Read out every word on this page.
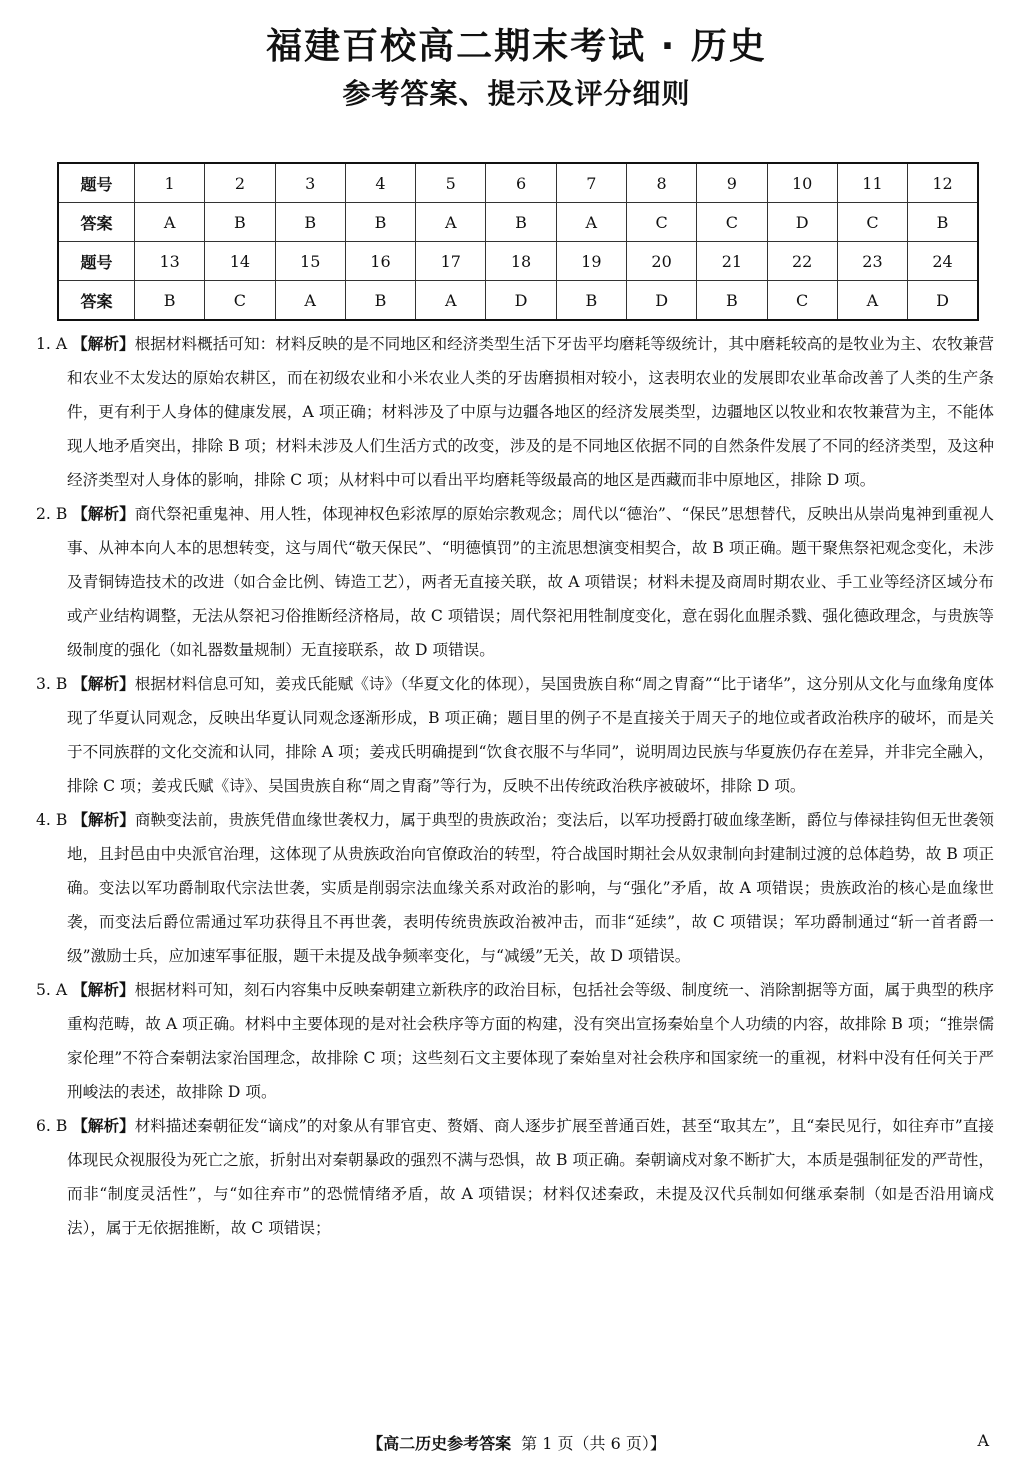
福建百校高二期末考试 · 历史
参考答案、提示及评分细则
题号	1	2	3	4	5	6	7	8	9	10	11	12
答案	A	B	B	B	A	B	A	C	C	D	C	B
题号	13	14	15	16	17	18	19	20	21	22	23	24
答案	B	C	A	B	A	D	B	D	B	C	A	D

1. A 【解析】根据材料概括可知：材料反映的是不同地区和经济类型生活下牙齿平均磨耗等级统计，其中磨耗较高的是牧业为主、农牧兼营和农业不太发达的原始农耕区，而在初级农业和小米农业人类的牙齿磨损相对较小，这表明农业的发展即农业革命改善了人类的生产条件，更有利于人身体的健康发展，A 项正确；材料涉及了中原与边疆各地区的经济发展类型，边疆地区以牧业和农牧兼营为主，不能体现人地矛盾突出，排除 B 项；材料未涉及人们生活方式的改变，涉及的是不同地区依据不同的自然条件发展了不同的经济类型，及这种经济类型对人身体的影响，排除 C 项；从材料中可以看出平均磨耗等级最高的地区是西藏而非中原地区，排除 D 项。

2. B 【解析】商代祭祀重鬼神、用人牲，体现神权色彩浓厚的原始宗教观念；周代以“德治”、“保民”思想替代，反映出从崇尚鬼神到重视人事、从神本向人本的思想转变，这与周代“敬天保民”、“明德慎罚”的主流思想演变相契合，故 B 项正确。题干聚焦祭祀观念变化，未涉及青铜铸造技术的改进（如合金比例、铸造工艺），两者无直接关联，故 A 项错误；材料未提及商周时期农业、手工业等经济区域分布或产业结构调整，无法从祭祀习俗推断经济格局，故 C 项错误；周代祭祀用牲制度变化，意在弱化血腥杀戮、强化德政理念，与贵族等级制度的强化（如礼器数量规制）无直接联系，故 D 项错误。

3. B 【解析】根据材料信息可知，姜戎氏能赋《诗》（华夏文化的体现），吴国贵族自称“周之胄裔”“比于诸华”，这分别从文化与血缘角度体现了华夏认同观念，反映出华夏认同观念逐渐形成，B 项正确；题目里的例子不是直接关于周天子的地位或者政治秩序的破坏，而是关于不同族群的文化交流和认同，排除 A 项；姜戎氏明确提到“饮食衣服不与华同”，说明周边民族与华夏族仍存在差异，并非完全融入，排除 C 项；姜戎氏赋《诗》、吴国贵族自称“周之胄裔”等行为，反映不出传统政治秩序被破坏，排除 D 项。

4. B 【解析】商鞅变法前，贵族凭借血缘世袭权力，属于典型的贵族政治；变法后，以军功授爵打破血缘垄断，爵位与俸禄挂钩但无世袭领地，且封邑由中央派官治理，这体现了从贵族政治向官僚政治的转型，符合战国时期社会从奴隶制向封建制过渡的总体趋势，故 B 项正确。变法以军功爵制取代宗法世袭，实质是削弱宗法血缘关系对政治的影响，与“强化”矛盾，故 A 项错误；贵族政治的核心是血缘世袭，而变法后爵位需通过军功获得且不再世袭，表明传统贵族政治被冲击，而非“延续”，故 C 项错误；军功爵制通过“斩一首者爵一级”激励士兵，应加速军事征服，题干未提及战争频率变化，与“减缓”无关，故 D 项错误。

5. A 【解析】根据材料可知，刻石内容集中反映秦朝建立新秩序的政治目标，包括社会等级、制度统一、消除割据等方面，属于典型的秩序重构范畴，故 A 项正确。材料中主要体现的是对社会秩序等方面的构建，没有突出宣扬秦始皇个人功绩的内容，故排除 B 项；“推崇儒家伦理”不符合秦朝法家治国理念，故排除 C 项；这些刻石文主要体现了秦始皇对社会秩序和国家统一的重视，材料中没有任何关于严刑峻法的表述，故排除 D 项。

6. B 【解析】材料描述秦朝征发“谪戍”的对象从有罪官吏、赘婿、商人逐步扩展至普通百姓，甚至“取其左”，且“秦民见行，如往弃市”直接体现民众视服役为死亡之旅，折射出对秦朝暴政的强烈不满与恐惧，故 B 项正确。秦朝谪戍对象不断扩大，本质是强制征发的严苛性，而非“制度灵活性”，与“如往弃市”的恐慌情绪矛盾，故 A 项错误；材料仅述秦政，未提及汉代兵制如何继承秦制（如是否沿用谪戍法），属于无依据推断，故 C 项错误；

【高二历史参考答案 第 1 页（共 6 页）】	A
